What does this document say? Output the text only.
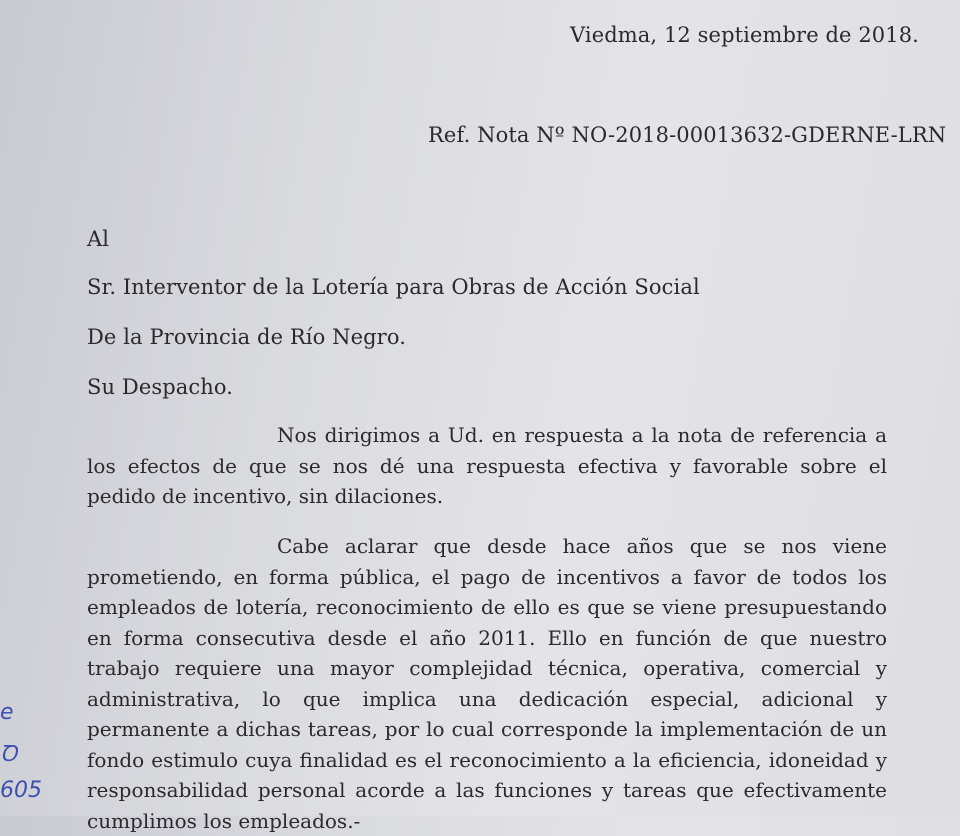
Viedma, 12 septiembre de 2018.
Ref. Nota Nº NO-2018-00013632-GDERNE-LRN
Al
Sr. Interventor de la Lotería para Obras de Acción Social
De la Provincia de Río Negro.
Su Despacho.
Nos dirigimos a Ud. en respuesta a la nota de referencia a los efectos de que se nos dé una respuesta efectiva y favorable sobre el pedido de incentivo, sin dilaciones.
Cabe aclarar que desde hace años que se nos viene prometiendo, en forma pública, el pago de incentivos a favor de todos los empleados de lotería, reconocimiento de ello es que se viene presupuestando en forma consecutiva desde el año 2011. Ello en función de que nuestro trabajo requiere una mayor complejidad técnica, operativa, comercial y administrativa, lo que implica una dedicación especial, adicional y permanente a dichas tareas, por lo cual corresponde la implementación de un fondo estimulo cuya finalidad es el reconocimiento a la eficiencia, idoneidad y responsabilidad personal acorde a las funciones y tareas que efectivamente cumplimos los empleados.-
e
Ꝺ
605
